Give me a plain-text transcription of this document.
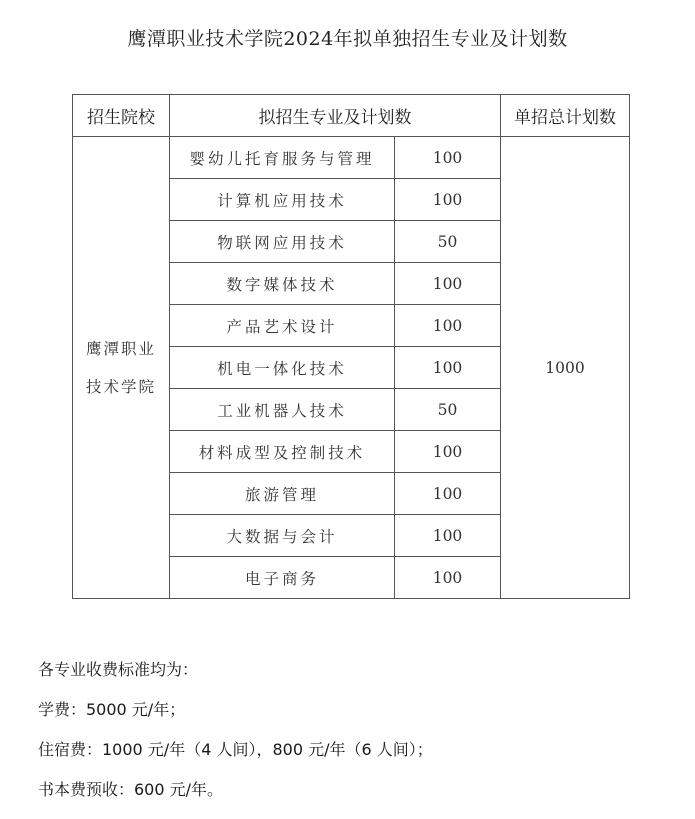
鹰潭职业技术学院2024年拟单独招生专业及计划数
招生院校	拟招生专业及计划数		单招总计划数

鹰潭职业
技术学院	婴幼儿托育服务与管理	100	1000
	计算机应用技术	100	
	物联网应用技术	50	
	数字媒体技术	100	
	产品艺术设计	100	
	机电一体化技术	100	
	工业机器人技术	50	
	材料成型及控制技术	100	
	旅游管理	100	
	大数据与会计	100	
	电子商务	100	
各专业收费标准均为：
学费：5000 元/年；
住宿费：1000 元/年（4 人间），800 元/年（6 人间）；
书本费预收：600 元/年。
